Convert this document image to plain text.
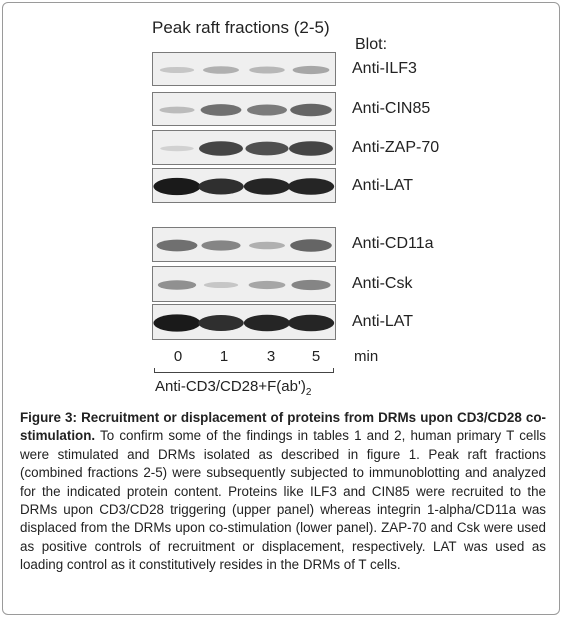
Peak raft fractions (2-5)
Blot:
Anti-ILF3
Anti-CIN85
Anti-ZAP-70
Anti-LAT
Anti-CD11a
Anti-Csk
Anti-LAT
0	1	3	5	min
Anti-$CD3/CD28+F(ab')_2$
Figure 3: Recruitment or displacement of proteins from DRMs upon CD3/CD28 co-stimulation. To confirm some of the findings in tables 1 and 2, human primary T cells were stimulated and DRMs isolated as described in figure 1. Peak raft fractions (combined fractions 2-5) were subsequently subjected to immunoblotting and analyzed for the indicated protein content. Proteins like ILF3 and CIN85 were recruited to the DRMs upon CD3/CD28 triggering (upper panel) whereas integrin 1-alpha/CD11a was displaced from the DRMs upon co-stimulation (lower panel). ZAP-70 and Csk were used as positive controls of recruitment or displacement, respectively. LAT was used as loading control as it constitutively resides in the DRMs of T cells.
